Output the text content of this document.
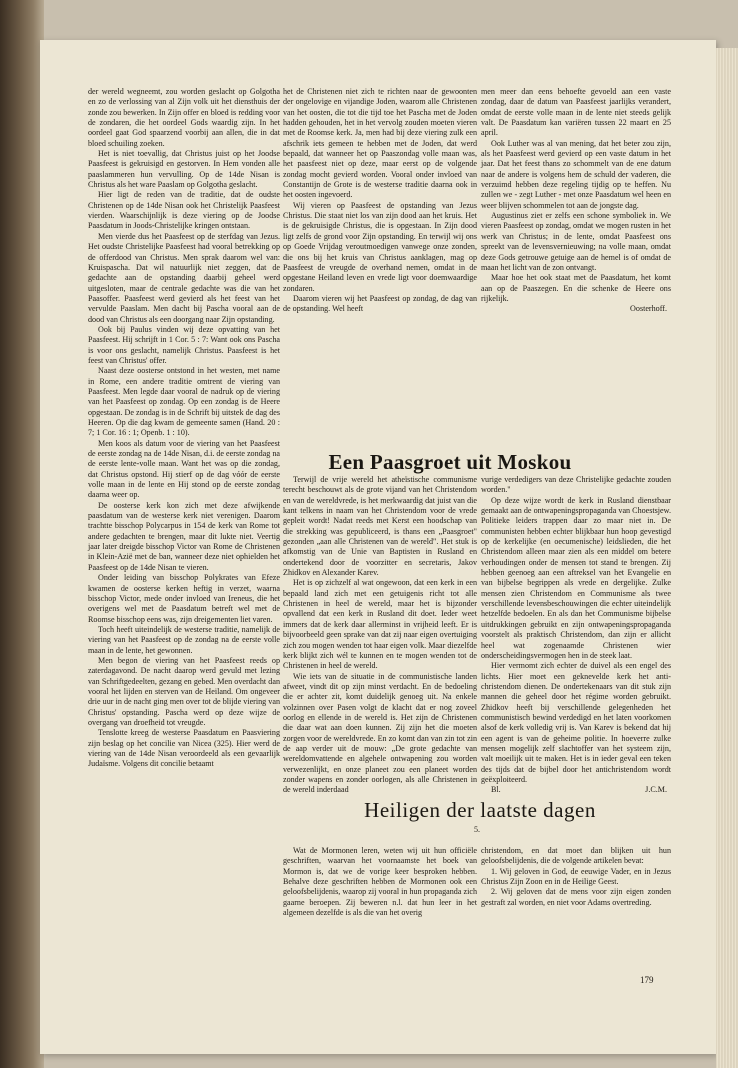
der wereld wegneemt, zou worden geslacht op Golgotha en zo de verlossing van al Zijn volk uit het diensthuis der zonde zou bewerken. In Zijn offer en bloed is redding voor de zondaren, die het oordeel Gods waardig zijn. In het oordeel gaat God spaarzend voorbij aan allen, die in dat bloed schuiling zoeken.

Het is niet toevallig, dat Christus juist op het Joodse Paasfeest is gekruisigd en gestorven. In Hem vonden alle paaslammeren hun vervulling. Op de 14de Nisan is Christus als het ware Paaslam op Golgotha geslacht.

Hier ligt de reden van de traditie, dat de oudste Christenen op de 14de Nisan ook het Christelijk Paasfeest vierden. Waarschijnlijk is deze viering op de Joodse Paasdatum in Joods-Christelijke kringen ontstaan.

Men vierde dus het Paasfeest op de sterfdag van Jezus. Het oudste Christelijke Paasfeest had vooral betrekking op de offerdood van Christus. Men sprak daarom wel van: Kruispascha. Dat wil natuurlijk niet zeggen, dat de gedachte aan de opstanding daarbij geheel werd uitgesloten, maar de centrale gedachte was die van het Paasoffer. Paasfeest werd gevierd als het feest van het vervulde Paaslam. Men dacht bij Pascha vooral aan de dood van Christus als een doorgang naar Zijn opstanding.

Ook bij Paulus vinden wij deze opvatting van het Paasfeest. Hij schrijft in 1 Cor. 5 : 7: Want ook ons Pascha is voor ons geslacht, namelijk Christus. Paasfeest is het feest van Christus' offer.

Naast deze oosterse ontstond in het westen, met name in Rome, een andere traditie omtrent de viering van Paasfeest. Men legde daar vooral de nadruk op de viering van het Paasfeest op zondag. Op een zondag is de Heere opgestaan. De zondag is in de Schrift bij uitstek de dag des Heeren. Op die dag kwam de gemeente samen (Hand. 20 : 7; 1 Cor. 16 : 1; Openb. 1 : 10).

Men koos als datum voor de viering van het Paasfeest de eerste zondag na de 14de Nisan, d.i. de eerste zondag na de eerste lente-volle maan. Want het was op die zondag, dat Christus opstond. Hij stierf op de dag vóór de eerste volle maan in de lente en Hij stond op de eerste zondag daarna weer op.

De oosterse kerk kon zich met deze afwijkende paasdatum van de westerse kerk niet verenigen. Daarom trachtte bisschop Polycarpus in 154 de kerk van Rome tot andere gedachten te brengen, maar dit lukte niet. Veertig jaar later dreigde bisschop Victor van Rome de Christenen in Klein-Azië met de ban, wanneer deze niet ophielden het Paasfeest op de 14de Nisan te vieren.

Onder leiding van bisschop Polykrates van Efeze kwamen de oosterse kerken heftig in verzet, waarna bisschop Victor, mede onder invloed van Ireneus, die het overigens wel met de Paasdatum betreft wel met de Roomse bisschop eens was, zijn dreigementen liet varen.

Toch heeft uiteindelijk de westerse traditie, namelijk de viering van het Paasfeest op de zondag na de eerste volle maan in de lente, het gewonnen.

Men begon de viering van het Paasfeest reeds op zaterdagavond. De nacht daarop werd gevuld met lezing van Schriftgedeelten, gezang en gebed. Men overdacht dan vooral het lijden en sterven van de Heiland. Om ongeveer drie uur in de nacht ging men over tot de blijde viering van Christus' opstanding. Pascha werd op deze wijze de overgang van droefheid tot vreugde.

Tenslotte kreeg de westerse Paasdatum en Paasviering zijn beslag op het concilie van Nicea (325). Hier werd de viering van de 14de Nisan veroordeeld als een gevaarlijk Judaïsme. Volgens dit concilie betaamt

het de Christenen niet zich te richten naar de gewoonten der ongelovige en vijandige Joden, waarom alle Christenen van het oosten, die tot die tijd toe het Pascha met de Joden hadden gehouden, het in het vervolg zouden moeten vieren met de Roomse kerk. Ja, men had bij deze viering zulk een afschrik iets gemeen te hebben met de Joden, dat werd bepaald, dat wanneer het op Paaszondag volle maan was, het paasfeest niet op deze, maar eerst op de volgende zondag mocht gevierd worden. Vooral onder invloed van Constantijn de Grote is de westerse traditie daarna ook in het oosten ingevoerd.

Wij vieren op Paasfeest de opstanding van Jezus Christus. Die staat niet los van zijn dood aan het kruis. Het is de gekruisigde Christus, die is opgestaan. In Zijn dood ligt zelfs de grond voor Zijn opstanding. En terwijl wij ons op Goede Vrijdag veroutmoedigen vanwege onze zonden, die ons bij het kruis van Christus aanklagen, mag op Paasfeest de vreugde de overhand nemen, omdat in de opgestane Heiland leven en vrede ligt voor doemwaardige zondaren.

Daarom vieren wij het Paasfeest op zondag, de dag van de opstanding. Wel heeft

men meer dan eens behoefte gevoeld aan een vaste zondag, daar de datum van Paasfeest jaarlijks verandert, omdat de eerste volle maan in de lente niet steeds gelijk valt. De Paasdatum kan variëren tussen 22 maart en 25 april.

Ook Luther was al van mening, dat het beter zou zijn, als het Paasfeest werd gevierd op een vaste datum in het jaar. Dat het feest thans zo schommelt van de ene datum naar de andere is volgens hem de schuld der vaderen, die verzuimd hebben deze regeling tijdig op te heffen. Nu zullen we - zegt Luther - met onze Paasdatum wel heen en weer blijven schommelen tot aan de jongste dag.

Augustinus ziet er zelfs een schone symboliek in. We vieren Paasfeest op zondag, omdat we mogen rusten in het werk van Christus; in de lente, omdat Paasfeest ons spreekt van de levensvernieuwing; na volle maan, omdat deze Gods getrouwe getuige aan de hemel is of omdat de maan het licht van de zon ontvangt.

Maar hoe het ook staat met de Paasdatum, het komt aan op de Paaszegen. En die schenke de Heere ons rijkelijk.

Oosterhoff.

Een Paasgroet uit Moskou

Terwijl de vrije wereld het atheïstische communisme terecht beschouwt als de grote vijand van het Christendom en van de wereldvrede, is het merkwaardig dat juist van die kant telkens in naam van het Christendom voor de vrede gepleit wordt! Nadat reeds met Kerst een hoodschap van die strekking was gepubliceerd, is thans een „Paasgroet" gezonden „aan alle Christenen van de wereld". Het stuk is afkomstig van de Unie van Baptisten in Rusland en ondertekend door de voorzitter en secretaris, Jakov Zhidkov en Alexander Karev.

Het is op zichzelf al wat ongewoon, dat een kerk in een bepaald land zich met een getuigenis richt tot alle Christenen in heel de wereld, maar het is bijzonder opvallend dat een kerk in Rusland dit doet. Ieder weet immers dat de kerk daar allerminst in vrijheid leeft. Er is bijvoorbeeld geen sprake van dat zij naar eigen overtuiging zich zou mogen wenden tot haar eigen volk. Maar diezelfde kerk blijkt zich wél te kunnen en te mogen wenden tot de Christenen in heel de wereld.

Wie iets van de situatie in de communistische landen afweet, vindt dit op zijn minst verdacht. En de bedoeling die er achter zit, komt duidelijk genoeg uit. Na enkele volzinnen over Pasen volgt de klacht dat er nog zoveel oorlog en ellende in de wereld is. Het zijn de Christenen die daar wat aan doen kunnen. Zij zijn het die moeten zorgen voor de wereldvrede. En zo komt dan van zin tot zin de aap verder uit de mouw: „De grote gedachte van wereldomvattende en algehele ontwapening zou worden verwezenlijkt, en onze planeet zou een planeet worden zonder wapens en zonder oorlogen, als alle Christenen in de wereld inderdaad

vurige verdedigers van deze Christelijke gedachte zouden worden."

Op deze wijze wordt de kerk in Rusland dienstbaar gemaakt aan de ontwapeningspropaganda van Choestsjew. Politieke leiders trappen daar zo maar niet in. De communisten hebben echter blijkbaar hun hoop gevestigd op de kerkelijke (en oecumenische) leidslieden, die het Christendom alleen maar zien als een middel om betere verhoudingen onder de mensen tot stand te brengen. Zij hebben geenoeg aan een aftreksel van het Evangelie en van bijbelse begrippen als vrede en dergelijke. Zulke mensen zien Christendom en Communisme als twee verschillende levensbeschouwingen die echter uiteindelijk hetzelfde bedoelen. En als dan het Communisme bijbelse uitdrukkingen gebruikt en zijn ontwapeningspropaganda voorstelt als praktisch Christendom, dan zijn er allicht heel wat zogenaamde Christenen wier onderscheidingsvermogen hen in de steek laat.

Hier vermomt zich echter de duivel als een engel des lichts. Hier moet een geknevelde kerk het anti-christendom dienen. De ondertekenaars van dit stuk zijn mannen die geheel door het régime worden gebruikt. Zhidkov heeft bij verschillende gelegenheden het communistisch bewind verdedigd en het laten voorkomen alsof de kerk volledig vrij is. Van Karev is bekend dat hij een agent is van de geheime politie. In hoeverre zulke mensen mogelijk zelf slachtoffer van het systeem zijn, valt moeilijk uit te maken. Het is in ieder geval een teken des tijds dat de bijbel door het antichristendom wordt geëxploiteerd.

Bl.	J.C.M.
Heiligen der laatste dagen
5.

Wat de Mormonen leren, weten wij uit hun officiële geschriften, waarvan het voornaamste het boek van Mormon is, dat we de vorige keer besproken hebben. Behalve deze geschriften hebben de Mormonen ook een geloofsbelijdenis, waarop zij vooral in hun propaganda zich gaarne beroepen. Zij beweren n.l. dat hun leer in het algemeen dezelfde is als die van het overig

christendom, en dat moet dan blijken uit hun geloofsbelijdenis, die de volgende artikelen bevat:

1. Wij geloven in God, de eeuwige Vader, en in Jezus Christus Zijn Zoon en in de Heilige Geest.

2. Wij geloven dat de mens voor zijn eigen zonden gestraft zal worden, en niet voor Adams overtreding.

179
